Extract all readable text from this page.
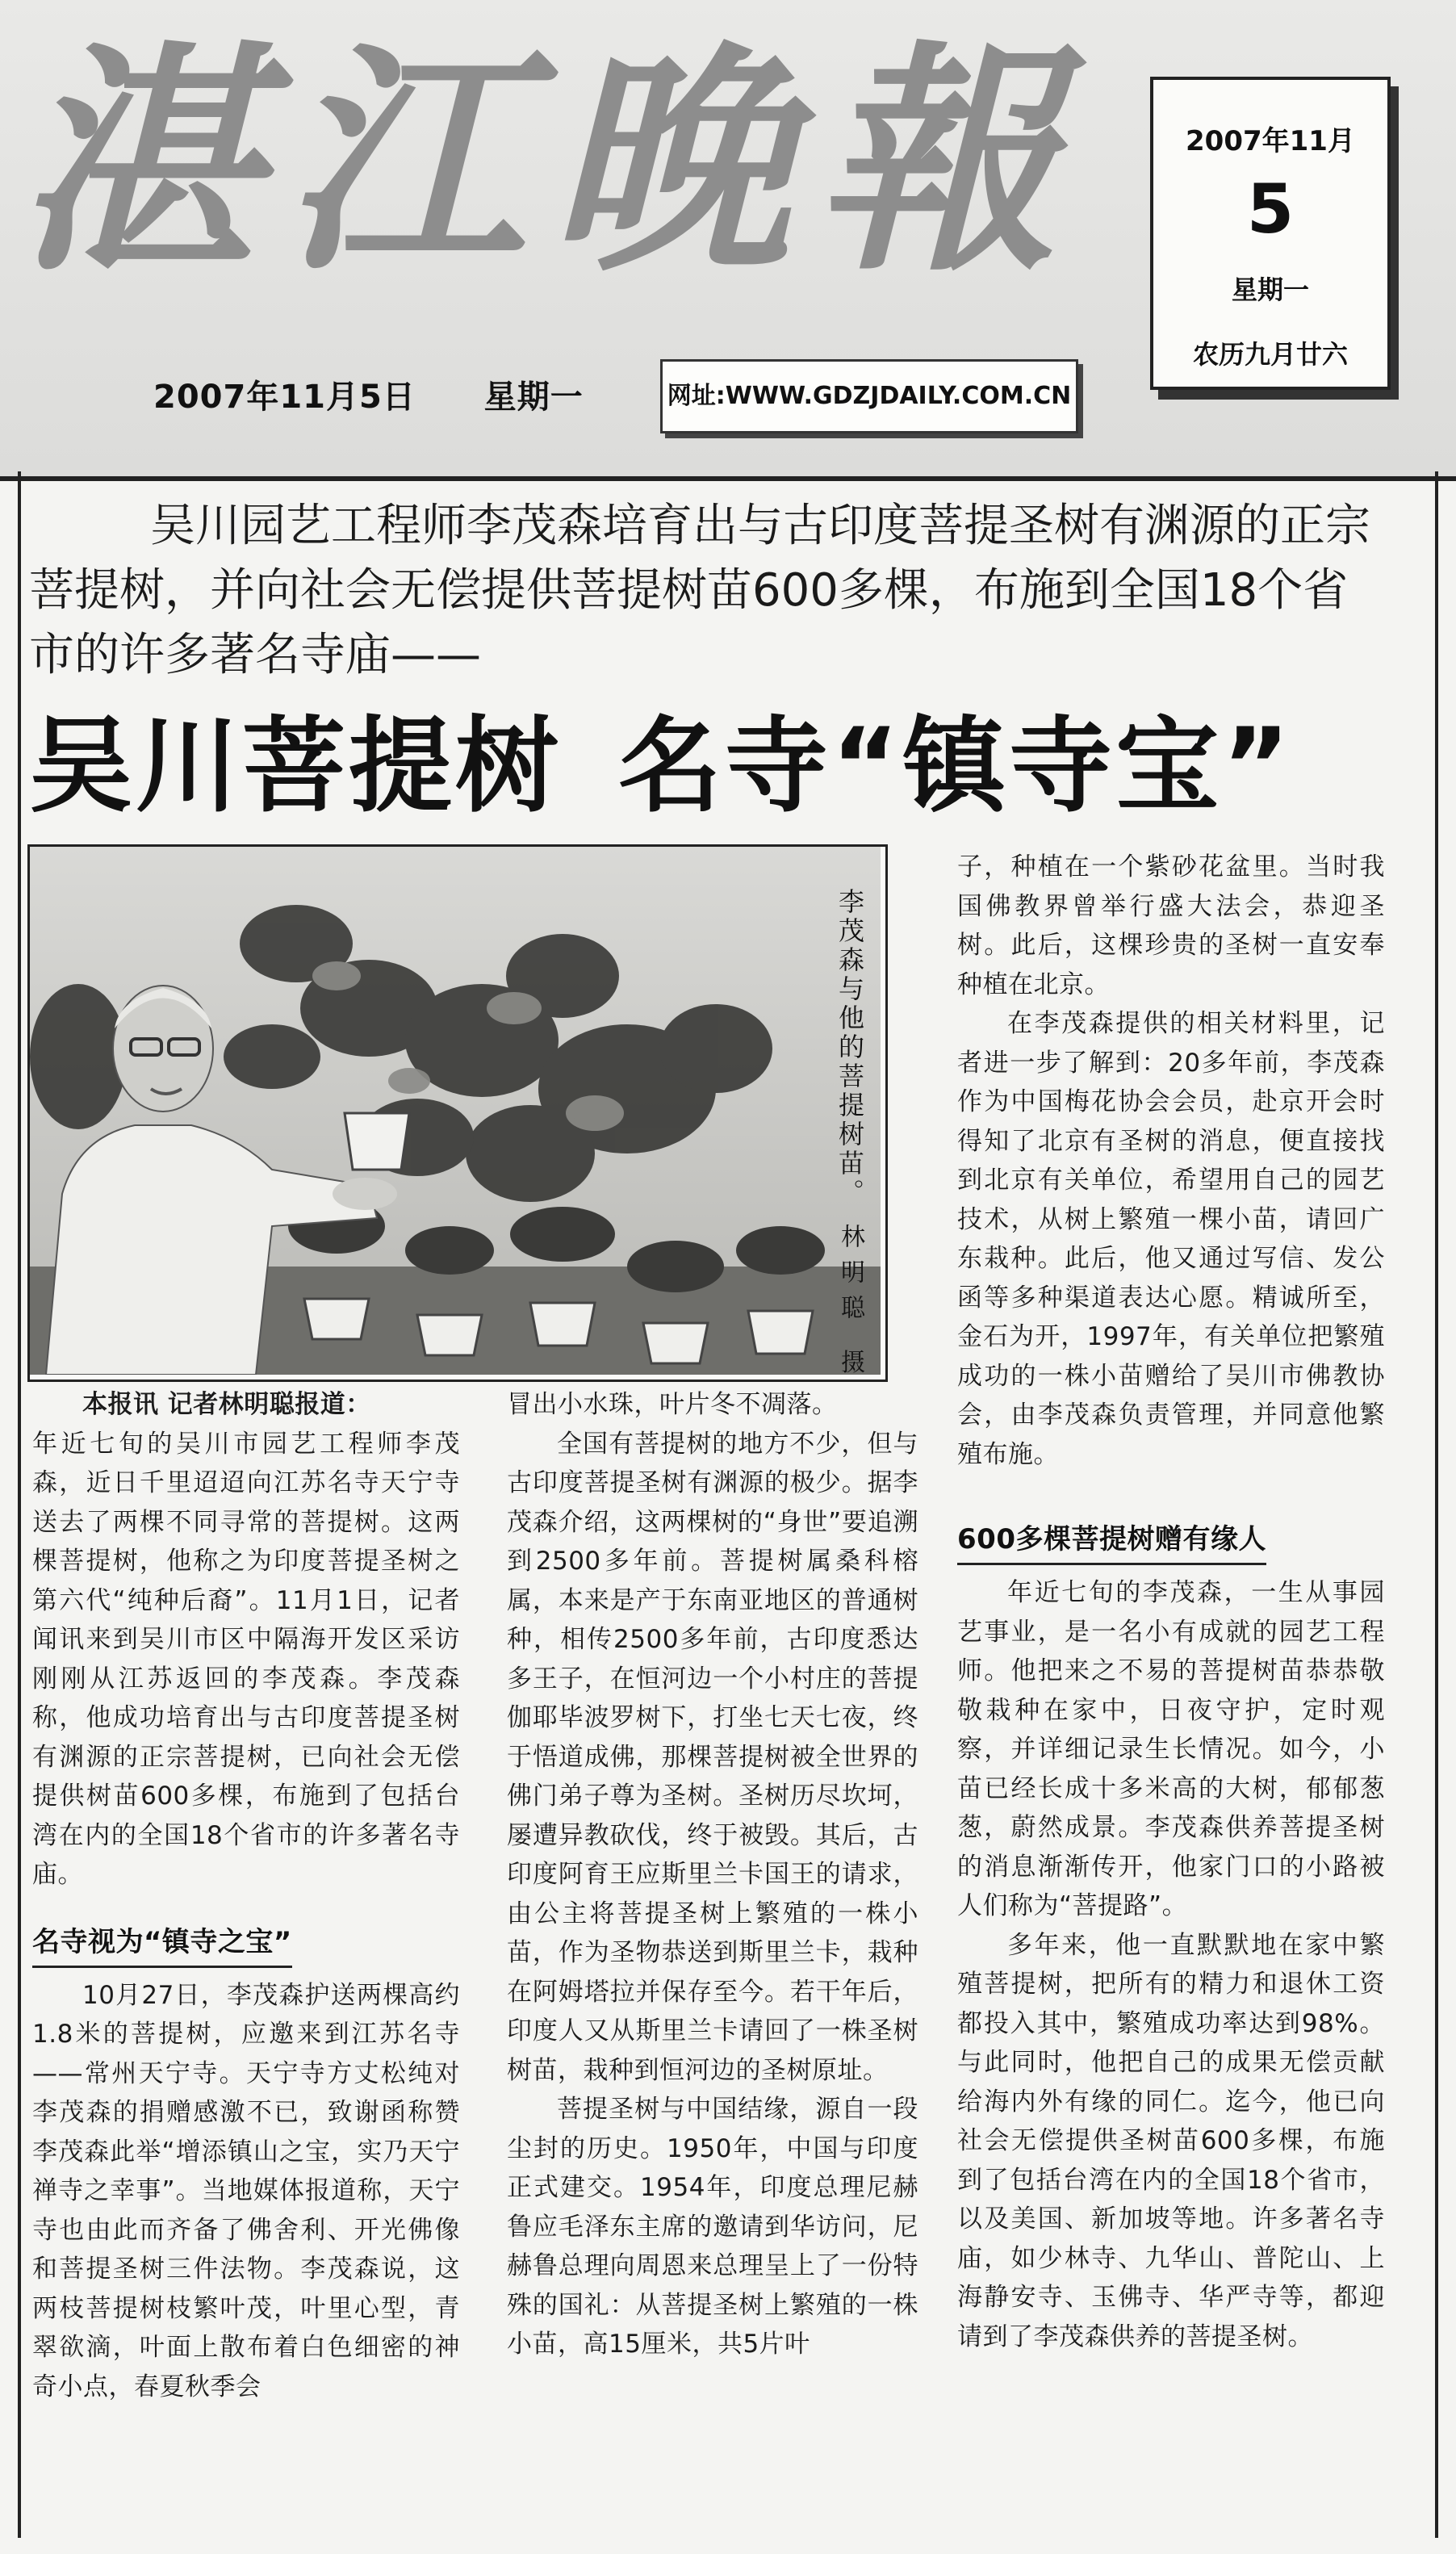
湛江晚報
2007年11月5日 星期一	网址:WWW.GDZJDAILY.COM.CN
2007年11月
5
星期一
农历九月廿六
吴川园艺工程师李茂森培育出与古印度菩提圣树有渊源的正宗菩提树，并向社会无偿提供菩提树苗600多棵，布施到全国18个省市的许多著名寺庙——
吴川菩提树 名寺“镇寺宝”
李茂森与他的菩提树苗。
林明聪 摄

本报讯 记者林明聪报道：

年近七旬的吴川市园艺工程师李茂森，近日千里迢迢向江苏名寺天宁寺送去了两棵不同寻常的菩提树。这两棵菩提树，他称之为印度菩提圣树之第六代“纯种后裔”。11月1日，记者闻讯来到吴川市区中隔海开发区采访刚刚从江苏返回的李茂森。李茂森称，他成功培育出与古印度菩提圣树有渊源的正宗菩提树，已向社会无偿提供树苗600多棵，布施到了包括台湾在内的全国18个省市的许多著名寺庙。

名寺视为“镇寺之宝”

10月27日，李茂森护送两棵高约1.8米的菩提树，应邀来到江苏名寺——常州天宁寺。天宁寺方丈松纯对李茂森的捐赠感激不已，致谢函称赞李茂森此举“增添镇山之宝，实乃天宁禅寺之幸事”。当地媒体报道称，天宁寺也由此而齐备了佛舍利、开光佛像和菩提圣树三件法物。李茂森说，这两枝菩提树枝繁叶茂，叶里心型，青翠欲滴，叶面上散布着白色细密的神奇小点，春夏秋季会

冒出小水珠，叶片冬不凋落。

全国有菩提树的地方不少，但与古印度菩提圣树有渊源的极少。据李茂森介绍，这两棵树的“身世”要追溯到2500多年前。菩提树属桑科榕属，本来是产于东南亚地区的普通树种，相传2500多年前，古印度悉达多王子，在恒河边一个小村庄的菩提伽耶毕波罗树下，打坐七天七夜，终于悟道成佛，那棵菩提树被全世界的佛门弟子尊为圣树。圣树历尽坎坷，屡遭异教砍伐，终于被毁。其后，古印度阿育王应斯里兰卡国王的请求，由公主将菩提圣树上繁殖的一株小苗，作为圣物恭送到斯里兰卡，栽种在阿姆塔拉并保存至今。若干年后，印度人又从斯里兰卡请回了一株圣树树苗，栽种到恒河边的圣树原址。

菩提圣树与中国结缘，源自一段尘封的历史。1950年，中国与印度正式建交。1954年，印度总理尼赫鲁应毛泽东主席的邀请到华访问，尼赫鲁总理向周恩来总理呈上了一份特殊的国礼：从菩提圣树上繁殖的一株小苗，高15厘米，共5片叶

子，种植在一个紫砂花盆里。当时我国佛教界曾举行盛大法会，恭迎圣树。此后，这棵珍贵的圣树一直安奉种植在北京。

在李茂森提供的相关材料里，记者进一步了解到：20多年前，李茂森作为中国梅花协会会员，赴京开会时得知了北京有圣树的消息，便直接找到北京有关单位，希望用自己的园艺技术，从树上繁殖一棵小苗，请回广东栽种。此后，他又通过写信、发公函等多种渠道表达心愿。精诚所至，金石为开，1997年，有关单位把繁殖成功的一株小苗赠给了吴川市佛教协会，由李茂森负责管理，并同意他繁殖布施。

600多棵菩提树赠有缘人

年近七旬的李茂森，一生从事园艺事业，是一名小有成就的园艺工程师。他把来之不易的菩提树苗恭恭敬敬栽种在家中，日夜守护，定时观察，并详细记录生长情况。如今，小苗已经长成十多米高的大树，郁郁葱葱，蔚然成景。李茂森供养菩提圣树的消息渐渐传开，他家门口的小路被人们称为“菩提路”。

多年来，他一直默默地在家中繁殖菩提树，把所有的精力和退休工资都投入其中，繁殖成功率达到98%。与此同时，他把自己的成果无偿贡献给海内外有缘的同仁。迄今，他已向社会无偿提供圣树苗600多棵，布施到了包括台湾在内的全国18个省市，以及美国、新加坡等地。许多著名寺庙，如少林寺、九华山、普陀山、上海静安寺、玉佛寺、华严寺等，都迎请到了李茂森供养的菩提圣树。
